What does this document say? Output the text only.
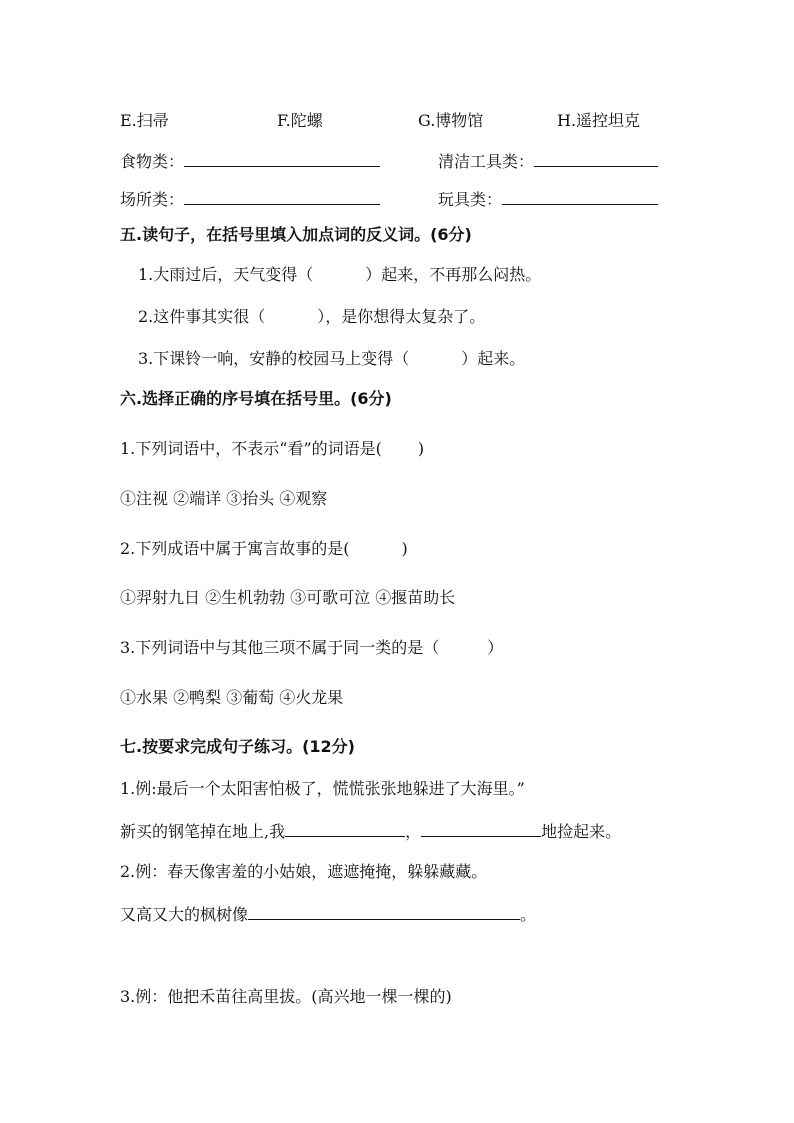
E.扫帚	F.陀螺	G.博物馆	H.遥控坦克
食物类：	清洁工具类：
场所类：	玩具类：
五.读句子，在括号里填入加点词的反义词。(6分)
1.大雨过后，天气变得（	）起来，不再那么闷热。
2.这件事其实很（	），是你想得太复杂了。
3.下课铃一响，安静的校园马上变得（	）起来。
六.选择正确的序号填在括号里。(6分)
1.下列词语中，不表示“看”的词语是( )
①注视 ②端详 ③抬头 ④观察
2.下列成语中属于寓言故事的是(	)
①羿射九日 ②生机勃勃 ③可歌可泣 ④揠苗助长
3.下列词语中与其他三项不属于同一类的是（	）
①水果 ②鸭梨 ③葡萄 ④火龙果
七.按要求完成句子练习。(12分)
1.例:最后一个太阳害怕极了，慌慌张张地躲进了大海里。”
新买的钢笔掉在地上,我	，	地捡起来。
2.例：春天像害羞的小姑娘，遮遮掩掩，躲躲藏藏。
又高又大的枫树像	。
3.例：他把禾苗往高里拔。(高兴地一棵一棵的)
